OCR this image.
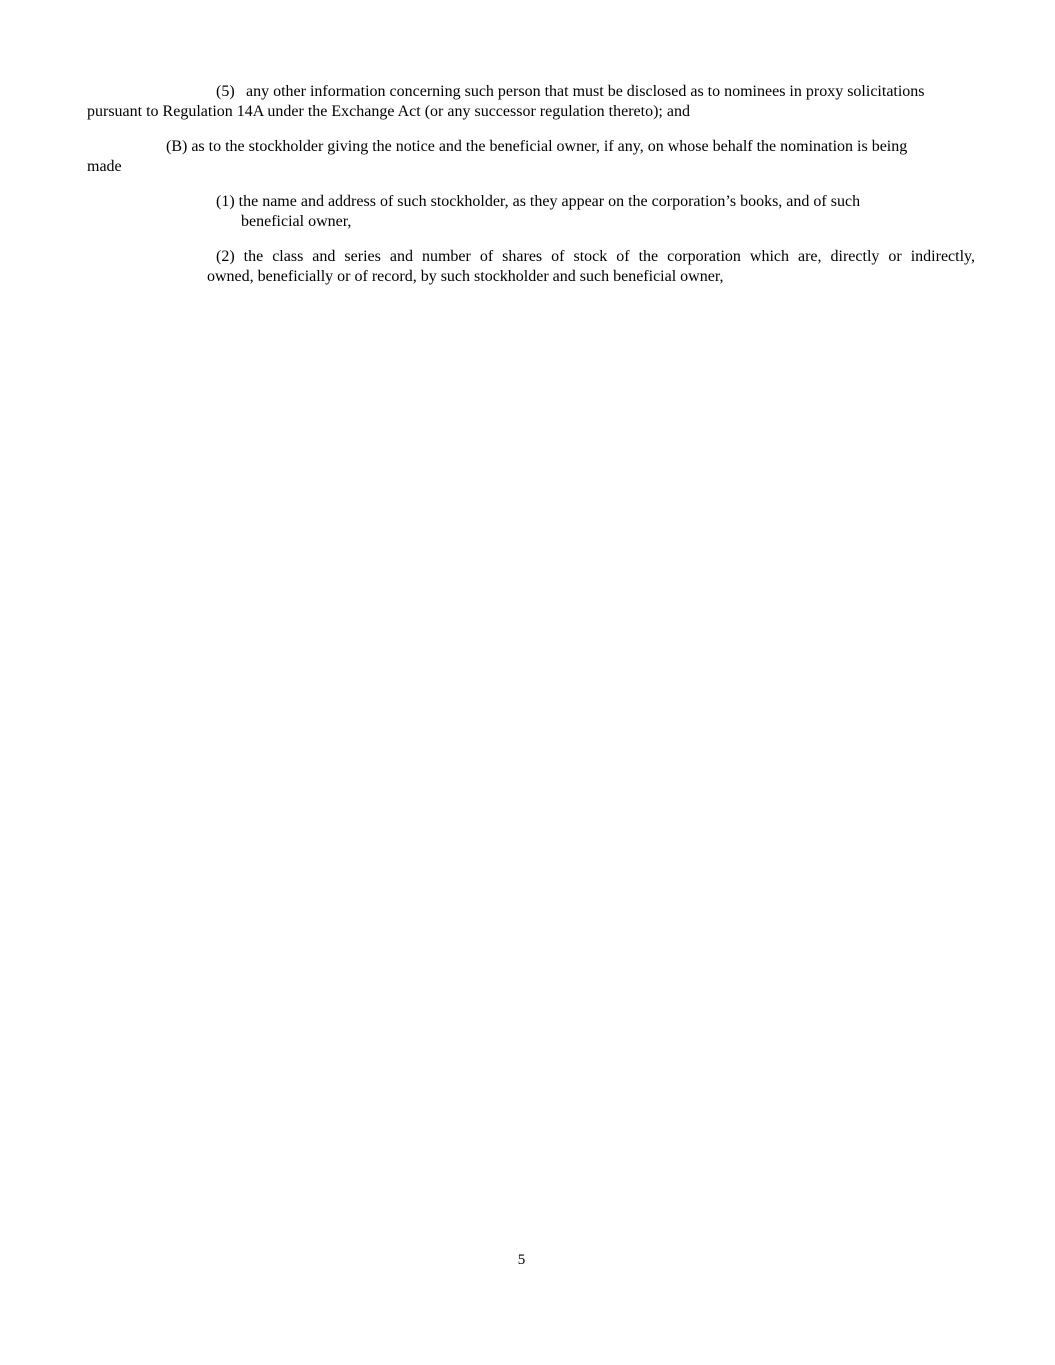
(5) any other information concerning such person that must be disclosed as to nominees in proxy solicitations
pursuant to Regulation 14A under the Exchange Act (or any successor regulation thereto); and
(B) as to the stockholder giving the notice and the beneficial owner, if any, on whose behalf the nomination is being
made
(1) the name and address of such stockholder, as they appear on the corporation’s books, and of such
beneficial owner,
(2) the class and series and number of shares of stock of the corporation which are, directly or indirectly,
owned, beneficially or of record, by such stockholder and such beneficial owner,
5
